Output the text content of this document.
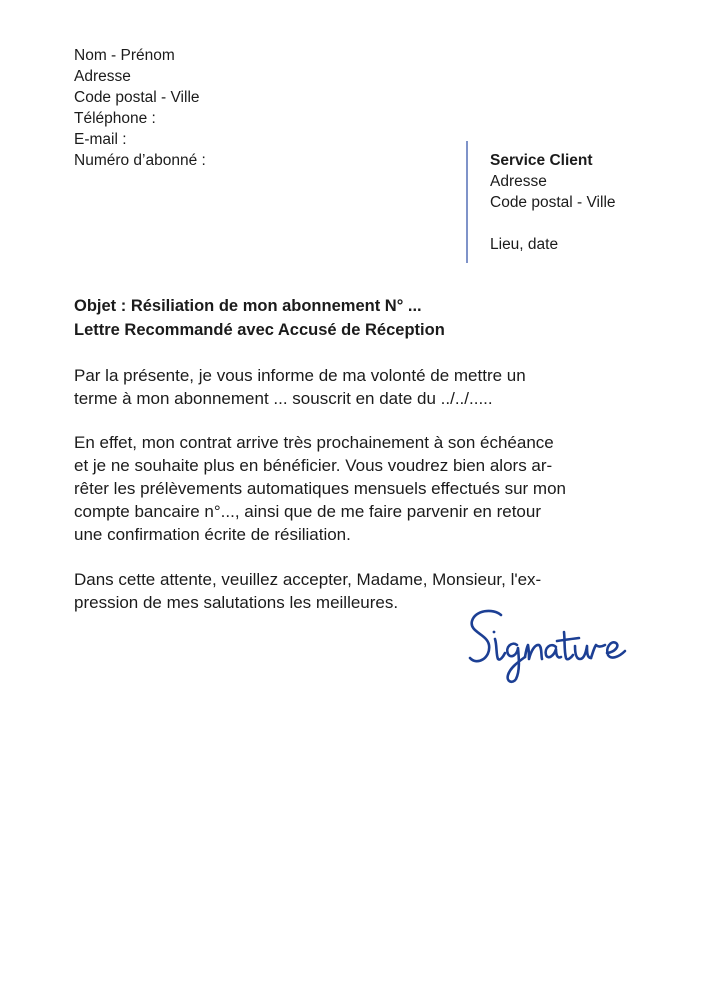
Nom - Prénom
Adresse
Code postal - Ville
Téléphone :
E-mail :
Numéro d’abonné :	Service Client
Adresse
Code postal - Ville
Lieu, date
Objet : Résiliation de mon abonnement N° ...
Lettre Recommandé avec Accusé de Réception
Par la présente, je vous informe de ma volonté de mettre un
terme à mon abonnement ... souscrit en date du ../../.....
En effet, mon contrat arrive très prochainement à son échéance
et je ne souhaite plus en bénéficier. Vous voudrez bien alors ar-
rêter les prélèvements automatiques mensuels effectués sur mon
compte bancaire n°..., ainsi que de me faire parvenir en retour
une confirmation écrite de résiliation.
Dans cette attente, veuillez accepter, Madame, Monsieur, l'ex-
pression de mes salutations les meilleures.
